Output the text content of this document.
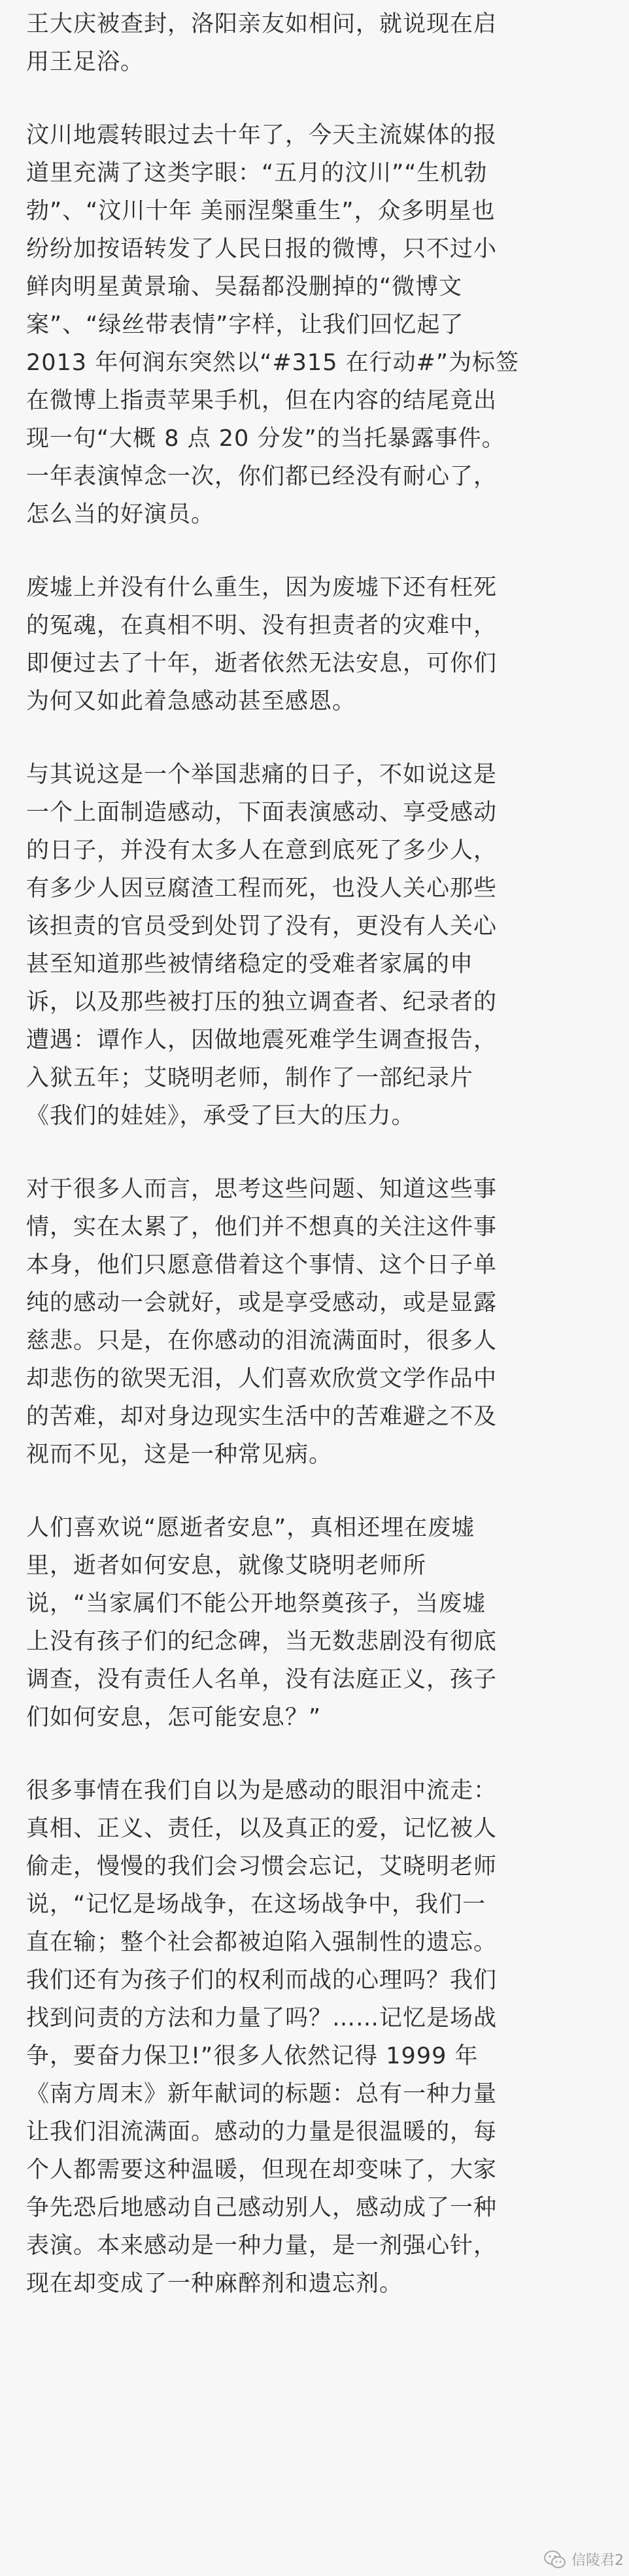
王大庆被查封，洛阳亲友如相问，就说现在启
用王足浴。

汶川地震转眼过去十年了，今天主流媒体的报
道里充满了这类字眼：“五月的汶川”“生机勃
勃”、“汶川十年 美丽涅槃重生”，众多明星也
纷纷加按语转发了人民日报的微博，只不过小
鲜肉明星黄景瑜、吴磊都没删掉的“微博文
案”、“绿丝带表情”字样，让我们回忆起了
2013 年何润东突然以“#315 在行动#”为标签
在微博上指责苹果手机，但在内容的结尾竟出
现一句“大概 8 点 20 分发”的当托暴露事件。
一年表演悼念一次，你们都已经没有耐心了，
怎么当的好演员。

废墟上并没有什么重生，因为废墟下还有枉死
的冤魂，在真相不明、没有担责者的灾难中，
即便过去了十年，逝者依然无法安息，可你们
为何又如此着急感动甚至感恩。

与其说这是一个举国悲痛的日子，不如说这是
一个上面制造感动，下面表演感动、享受感动
的日子，并没有太多人在意到底死了多少人，
有多少人因豆腐渣工程而死，也没人关心那些
该担责的官员受到处罚了没有，更没有人关心
甚至知道那些被情绪稳定的受难者家属的申
诉，以及那些被打压的独立调查者、纪录者的
遭遇：谭作人，因做地震死难学生调查报告，
入狱五年；艾晓明老师，制作了一部纪录片
《我们的娃娃》，承受了巨大的压力。

对于很多人而言，思考这些问题、知道这些事
情，实在太累了，他们并不想真的关注这件事
本身，他们只愿意借着这个事情、这个日子单
纯的感动一会就好，或是享受感动，或是显露
慈悲。只是，在你感动的泪流满面时，很多人
却悲伤的欲哭无泪，人们喜欢欣赏文学作品中
的苦难，却对身边现实生活中的苦难避之不及
视而不见，这是一种常见病。

人们喜欢说“愿逝者安息”，真相还埋在废墟
里，逝者如何安息，就像艾晓明老师所
说，“当家属们不能公开地祭奠孩子，当废墟
上没有孩子们的纪念碑，当无数悲剧没有彻底
调查，没有责任人名单，没有法庭正义，孩子
们如何安息，怎可能安息？”

很多事情在我们自以为是感动的眼泪中流走：
真相、正义、责任，以及真正的爱，记忆被人
偷走，慢慢的我们会习惯会忘记，艾晓明老师
说，“记忆是场战争，在这场战争中，我们一
直在输；整个社会都被迫陷入强制性的遗忘。
我们还有为孩子们的权利而战的心理吗？我们
找到问责的方法和力量了吗？……记忆是场战
争，要奋力保卫!”很多人依然记得 1999 年
《南方周末》新年献词的标题：总有一种力量
让我们泪流满面。感动的力量是很温暖的，每
个人都需要这种温暖，但现在却变味了，大家
争先恐后地感动自己感动别人，感动成了一种
表演。本来感动是一种力量，是一剂强心针，
现在却变成了一种麻醉剂和遗忘剂。

信陵君2
